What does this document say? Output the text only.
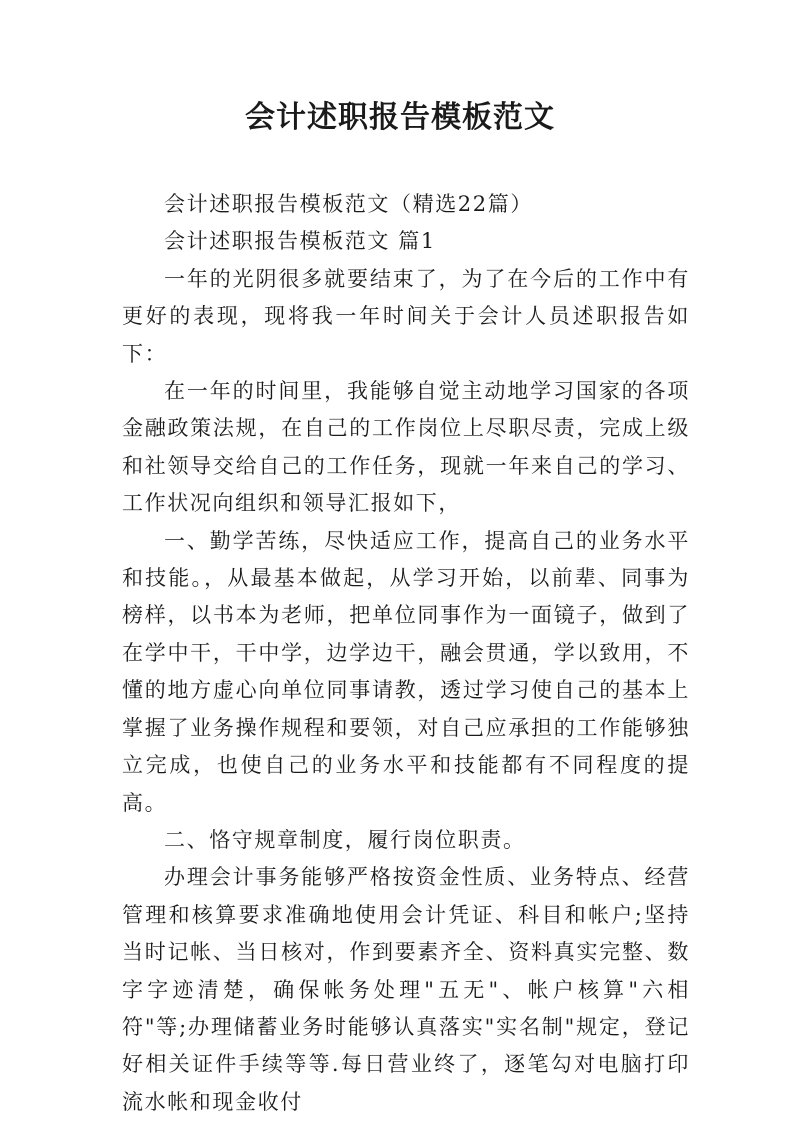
会计述职报告模板范文

会计述职报告模板范文（精选22篇）

会计述职报告模板范文 篇1

一年的光阴很多就要结束了，为了在今后的工作中有更好的表现，现将我一年时间关于会计人员述职报告如下：

在一年的时间里，我能够自觉主动地学习国家的各项金融政策法规，在自己的工作岗位上尽职尽责，完成上级和社领导交给自己的工作任务，现就一年来自己的学习、工作状况向组织和领导汇报如下，

一、勤学苦练，尽快适应工作，提高自己的业务水平和技能。，从最基本做起，从学习开始，以前辈、同事为榜样，以书本为老师，把单位同事作为一面镜子，做到了在学中干，干中学，边学边干，融会贯通，学以致用，不懂的地方虚心向单位同事请教，透过学习使自己的基本上掌握了业务操作规程和要领，对自己应承担的工作能够独立完成，也使自己的业务水平和技能都有不同程度的提高。

二、恪守规章制度，履行岗位职责。

办理会计事务能够严格按资金性质、业务特点、经营管理和核算要求准确地使用会计凭证、科目和帐户;坚持当时记帐、当日核对，作到要素齐全、资料真实完整、数字字迹清楚，确保帐务处理"五无"、帐户核算"六相符"等;办理储蓄业务时能够认真落实"实名制"规定，登记好相关证件手续等等.每日营业终了，逐笔勾对电脑打印流水帐和现金收付
